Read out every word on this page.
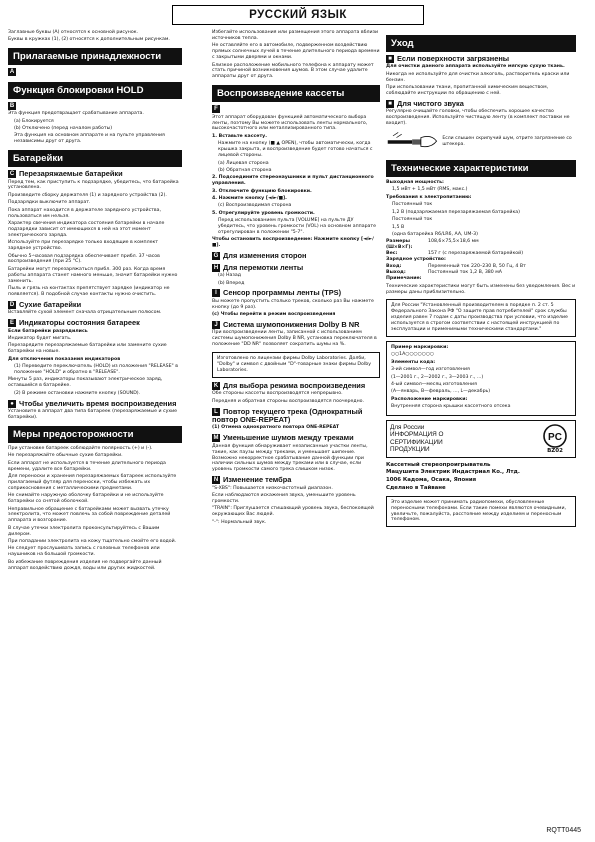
РУССКИЙ ЯЗЫК

Заглавные буквы (A) относятся к основной рисунок.

Буквы в кружках (1), (2) относятся к дополнительным рисункам.

Прилагаемые принадлежности
A
Функция блокировки HOLD
B

Эта функция предотвращает срабатывание аппарата.

(a) Блокируется

(b) Отключено (перед началом работы)

Эта функция на основном аппарате и на пульте управления независимы друг от друга.

Батарейки
C Перезаряжаемые батарейки

Перед тем, как приступить к подзарядке, убедитесь, что батарейка установлена.

Произведите сборку держателя (1) и зарядного устройства (2).

Подзарядки выключите аппарат.

Пока аппарат находится в держателе зарядного устройства, пользоваться им нельзя.

Характер свечения индикатора состояния батарейки в начале подзарядки зависит от имеющихся в ней на этот момент электрического заряда.

Используйте при перезарядке только входящие в комплект зарядное устройство.

Обычно 5-часовая подзарядка обеспечивает прибл. 37 часов воспроизведения (при 25 °C).

Батарейки могут перезаряжаться прибл. 300 раз. Когда время работы аппарата станет намного меньше, значит батарейки нужно заменить.

Пыль и грязь на контактах препятствует зарядке (индикатор не появляется). В подобной случае контакты нужно очистить.

D Сухие батарейки

Вставляйте сухой элемент сначала отрицательным полюсом.

E Индикаторы состояния батареек

Если батарейки разрядились

Индикатор будет мигать.

Перезарядите перезаряжаемые батарейки или замените сухие батарейки на новые.

Для отключения показания индикаторов

(1) Переведите переключатель (HOLD) из положения "RELEASE" в положение "HOLD" и обратно в "RELEASE".

Минуты 5 раз, индикаторы показывают электрическое заряд, оставшийся в батарейке.

(2) В режиме остановки нажмите кнопку (SOUND).

● Чтобы увеличить время воспроизведения

Установите в аппарат два типа батареек (перезаряжаемые и сухие батарейки).

Меры предосторожности

При установке батареек соблюдайте полярность (+) и (-).

Не перезаряжайте обычные сухие батарейки.

Если аппарат не используется в течение длительного периода времени, удалите все батарейки.

Для переноски и хранения перезаряжаемых батареек используйте прилагаемый футляр для переноски, чтобы избежать их соприкосновения с металлическими предметами.

Не снимайте наружную оболочку батарейки и не используйте батарейки со снятой оболочкой.

Неправильное обращение с батарейками может вызвать утечку электролита, что может повлечь за собой повреждение деталей аппарата и возгорание.

В случае утечки электролита проконсультируйтесь с Вашим дилером.

При попадании электролита на кожу тщательно смойте его водой.

Не следует прослушивать запись с головных телефонов или наушников на большой громкости.

Во избежание повреждения изделия не подвергайте данный аппарат воздействию дождя, воды или других жидкостей.

Избегайте использования или размещения этого аппарата вблизи источников тепла.

Не оставляйте его в автомобиле, подверженном воздействию прямых солнечных лучей в течение длительного периода времени с закрытыми дверями и окнами.

Близкое расположение мобильного телефона к аппарату может стать причиной возникновения шумов. В этом случае удалите аппараты друг от друга.

Воспроизведение кассеты
F

Этот аппарат оборудован функцией автоматического выбора ленты, поэтому Вы можете использовать ленты нормального, высокочастотного или металлизированного типа.

1. Вставьте кассету.

Нажмите на кнопку (■ ▲ OPEN), чтобы автоматически, когда крышка закрыта, и воспроизведение будет готово начаться с лицевой стороны.

(a) Лицевая сторона

(b) Обратная сторона

2. Подсоедините стереонаушники и пульт дистанционного управления.

3. Отключите функцию блокировки.

4. Нажмите кнопку [◄/►/■].

(c) Воспроизводимая сторона

5. Отрегулируйте уровень громкости.

Перед использованием пульта [VOLUME] на пульте ДУ убедитесь, что уровень громкости (VOL) на основном аппарате отрегулирован в положении "5-7".

Чтобы остановить воспроизведение: Нажмите кнопку [◄/►/■].

G Для изменения сторон
H Для перемотки ленты

(a) Назад

(b) Вперед

I Сенсор программы ленты (TPS)

Вы можете пропустить столько треков, сколько раз Вы нажмете кнопку (до 9 раз).

(c) Чтобы перейти в режим воспроизведения

J Система шумопонижения Dolby B NR

При воспроизведении ленты, записанной с использованием системы шумопонижения Dolby B NR, установка переключателя в положение "DD NR" позволяет сократить шумы на %.

Изготовлено по лицензии фирмы Dolby Laboratories. Долби, "Dolby" и символ с двойным "D"-товарные знаки фирмы Dolby Laboratories.
K Для выбора режима воспроизведения

Обе стороны кассеты воспроизводятся непрерывно.

Передняя и обратная стороны воспроизводятся поочередно.

L Повтор текущего трека (Однократный повтор ONE-REPEAT)

(1) Отмена однократного повтора ONE-REPEAT

M Уменьшение шумов между треками

Данная функция обнаруживает незаписанные участки ленты, такие, как паузы между треками, и уменьшает шипение. Возможно некорректное срабатывание данной функции при наличии сильных шумов между треками или в случае, если уровень громкости самого трека слишком низок.

N Изменение тембра

"S-XBS": Повышается низкочастотный диапазон.

Если наблюдаются искажения звука, уменьшите уровень громкости.

"TRAIN": Приглушается стишающий уровень звука, беспокоящей окружающих Вас людей.

"-": Нормальный звук.

Уход
■ Если поверхности загрязнены

Для очистки данного аппарата используйте мягкую сухую ткань.

Никогда не используйте для очистки алкоголь, растворитель краски или бензин.

При использовании ткани, пропитанной химическим веществом, соблюдайте инструкции по обращению с ней.

■ Для чистого звука

Регулярно очищайте головки, чтобы обеспечить хорошее качество воспроизведения. Используйте чистящую ленту (в комплект поставки не входит).

Если слышен скрипучий шум, отрите загрязнение со штекера.
Технические характеристики

Выходная мощность:

1,5 мВт + 1,5 мВт (RMS, макс.)

Требования к электропитанию:

Постоянный ток

1,2 В (подзаряжаемая перезаряжаемая батарейка)

Постоянный ток

1,5 В

(одна батарейка R6/LR6, AA, UM-3)

Размеры (Ш×В×Г):
108,6×75,5×18,6 мм
Вес:	157 г (с перезаряжаемой батарейкой)

Зарядное устройство:

Вход:	Переменный ток 220–230 В, 50 Гц, 4 Вт
Выход:	Постоянный ток 1,2 В, 380 мА

Примечание:

Технические характеристики могут быть изменены без уведомления. Вес и размеры даны приблизительно.

Для России "Установленный производителем в порядке п. 2 ст. 5 Федерального Закона РФ "О защите прав потребителей" срок службы изделия равен 7 годам с даты производства при условии, что изделие используется в строгом соответствии с настоящей инструкцией по эксплуатации и применимыми техническими стандартами."

Пример маркировки:

○○1А○○○○○○○

Элементы кода:

3-ий символ—год изготовления

(1—2001 г., 2—2002 г., 3—2003 г., ...)

4-ый символ—месяц изготовления

(А—январь, В—февраль, ..., L—декабрь)

Расположение маркировки:

Внутренняя сторона крышки кассетного отсека

Для России
ИНФОРМАЦИЯ О
СЕРТИФИКАЦИИ
ПРОДУКЦИИ
PC
BZ02

Кассетный стереопроигрыватель

Мацушита Электрик Индастриал Ко., Лтд.

1006 Кадома, Осака, Япония

Сделано в Тайване

Это изделие может принимать радиопомехи, обусловленные переносными телефонами. Если такие помехи являются очевидными, увеличьте, пожалуйста, расстояние между изделием и переносным телефоном.
RQTT0445
